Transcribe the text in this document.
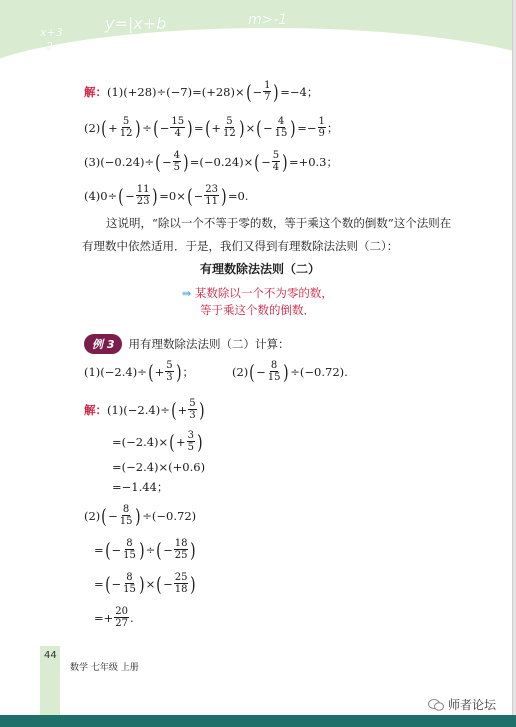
y=|x+b
x+3
2
m>-1
解： (1) (+28)÷(−7)=(+28)× ( − $\frac{1}{7}$ ) =−4；
(2) ( + $\frac{5}{12}$ ) ÷ ( − $\frac{15}{4}$ ) = ( + $\frac{5}{12}$ ) × ( − $\frac{4}{15}$ ) =− $\frac{1}{9}$ ；
(3) (−0.24)÷ ( − $\frac{4}{5}$ ) =(−0.24)× ( − $\frac{5}{4}$ ) =+0.3；
(4) 0÷ ( − $\frac{11}{23}$ ) =0× ( − $\frac{23}{11}$ ) =0.
这说明，“除以一个不等于零的数，等于乘这个数的倒数”这个法则在有理数中依然适用．于是，我们又得到有理数除法法则（二）：
有理数除法法则（二）
⇛ 某数除以一个不为零的数，
等于乘这个数的倒数．
例 3	用有理数除法法则（二）计算：
(1) (−2.4)÷ ( + $\frac{5}{3}$ ) ；	(2) ( − $\frac{8}{15}$ ) ÷(−0.72).
解： (1) (−2.4)÷ ( + $\frac{5}{3}$ )
=(−2.4)× ( + $\frac{3}{5}$ )
=(−2.4)×(+0.6)
=−1.44；
(2) ( − $\frac{8}{15}$ ) ÷(−0.72)
= ( − $\frac{8}{15}$ ) ÷ ( − $\frac{18}{25}$ )
= ( − $\frac{8}{15}$ ) × ( − $\frac{25}{18}$ )
=+ $\frac{20}{27}$ .
44
数学 七年级 上册
师者论坛
